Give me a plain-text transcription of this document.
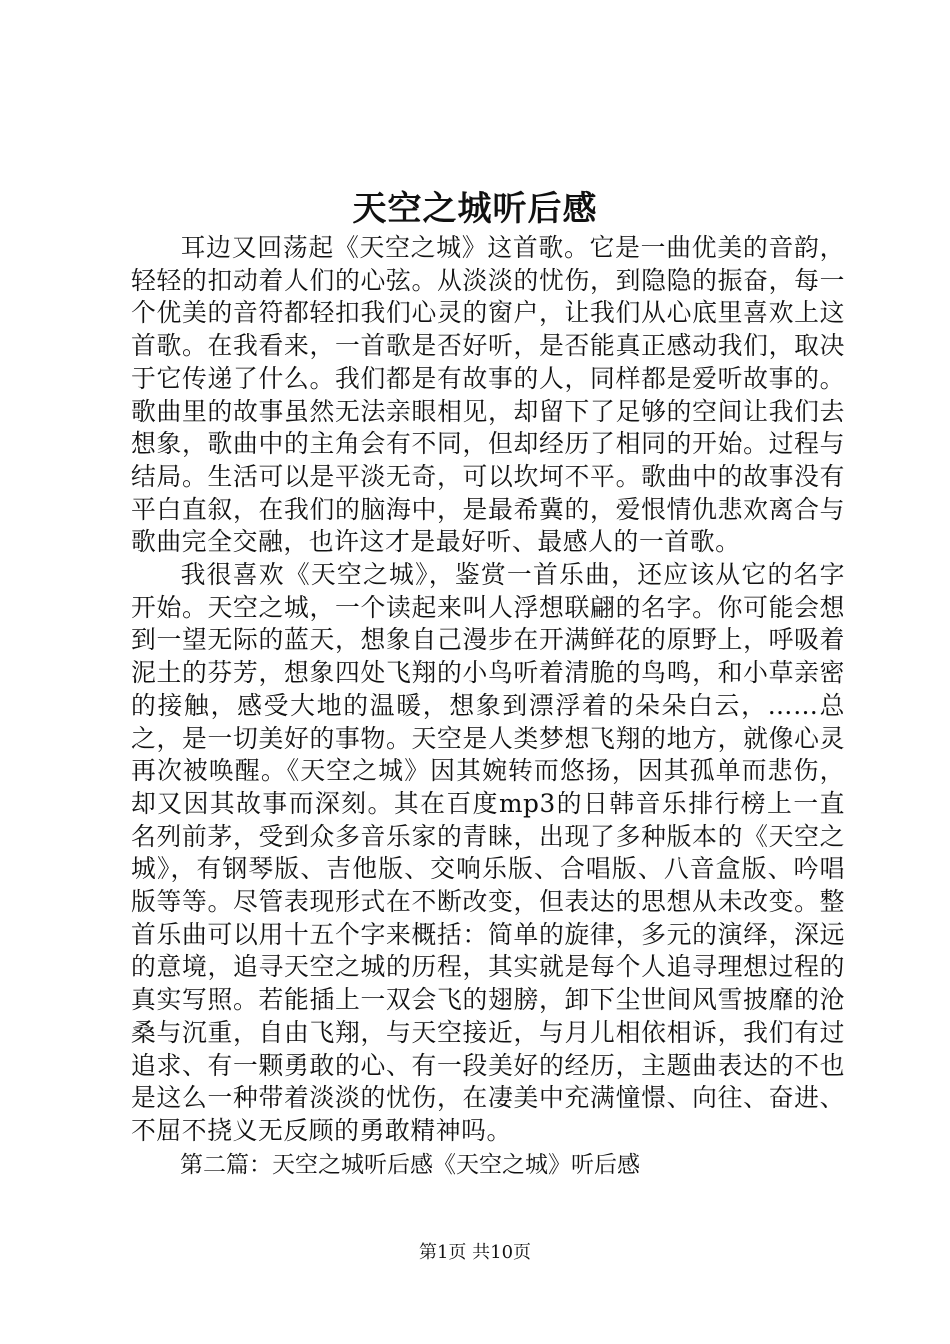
天空之城听后感

耳边又回荡起《天空之城》这首歌。它是一曲优美的音韵，轻轻的扣动着人们的心弦。从淡淡的忧伤，到隐隐的振奋，每一个优美的音符都轻扣我们心灵的窗户，让我们从心底里喜欢上这首歌。在我看来，一首歌是否好听，是否能真正感动我们，取决于它传递了什么。我们都是有故事的人，同样都是爱听故事的。歌曲里的故事虽然无法亲眼相见，却留下了足够的空间让我们去想象，歌曲中的主角会有不同，但却经历了相同的开始。过程与结局。生活可以是平淡无奇，可以坎坷不平。歌曲中的故事没有平白直叙，在我们的脑海中，是最希冀的，爱恨情仇悲欢离合与歌曲完全交融，也许这才是最好听、最感人的一首歌。

我很喜欢《天空之城》，鉴赏一首乐曲，还应该从它的名字开始。天空之城，一个读起来叫人浮想联翩的名字。你可能会想到一望无际的蓝天，想象自己漫步在开满鲜花的原野上，呼吸着泥土的芬芳，想象四处飞翔的小鸟听着清脆的鸟鸣，和小草亲密的接触，感受大地的温暖，想象到漂浮着的朵朵白云，……总之，是一切美好的事物。天空是人类梦想飞翔的地方，就像心灵再次被唤醒。《天空之城》因其婉转而悠扬，因其孤单而悲伤，却又因其故事而深刻。其在百度mp3的日韩音乐排行榜上一直名列前茅，受到众多音乐家的青睐，出现了多种版本的《天空之城》，有钢琴版、吉他版、交响乐版、合唱版、八音盒版、吟唱版等等。尽管表现形式在不断改变，但表达的思想从未改变。整首乐曲可以用十五个字来概括：简单的旋律，多元的演绎，深远的意境，追寻天空之城的历程，其实就是每个人追寻理想过程的真实写照。若能插上一双会飞的翅膀，卸下尘世间风雪披靡的沧桑与沉重，自由飞翔，与天空接近，与月儿相依相诉，我们有过追求、有一颗勇敢的心、有一段美好的经历，主题曲表达的不也是这么一种带着淡淡的忧伤，在凄美中充满憧憬、向往、奋进、不屈不挠义无反顾的勇敢精神吗。

第二篇：天空之城听后感《天空之城》听后感
第1页 共10页
